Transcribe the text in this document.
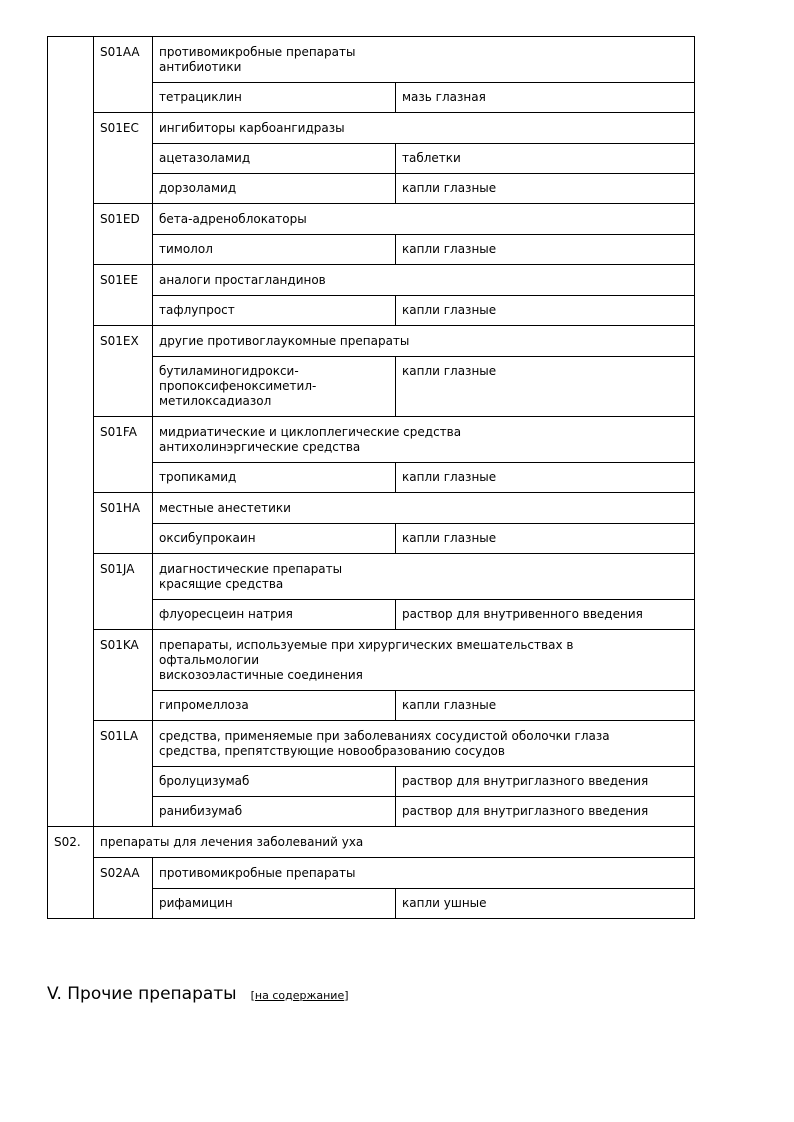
	S01AA	противомикробные препараты
антибиотики	
		тетрациклин	мазь глазная
	S01EC	ингибиторы карбоангидразы	
		ацетазоламид	таблетки
		дорзоламид	капли глазные
	S01ED	бета-адреноблокаторы	
		тимолол	капли глазные
	S01EE	аналоги простагландинов	
		тафлупрост	капли глазные
	S01EX	другие противоглаукомные препараты	
		бутиламиногидрокси-
пропоксифеноксиметил-
метилоксадиазол	капли глазные
	S01FA	мидриатические и циклоплегические средства
антихолинэргические средства	
		тропикамид	капли глазные
	S01HA	местные анестетики	
		оксибупрокаин	капли глазные
	S01JA	диагностические препараты
красящие средства	
		флуоресцеин натрия	раствор для внутривенного введения
	S01KA	препараты, используемые при хирургических вмешательствах в
офтальмологии
вискозоэластичные соединения	
		гипромеллоза	капли глазные
	S01LA	средства, применяемые при заболеваниях сосудистой оболочки глаза
средства, препятствующие новообразованию сосудов	
		бролуцизумаб	раствор для внутриглазного введения
		ранибизумаб	раствор для внутриглазного введения
S02.	препараты для лечения заболеваний уха		
	S02AA	противомикробные препараты	
		рифамицин	капли ушные
V. Прочие препараты [на содержание]
